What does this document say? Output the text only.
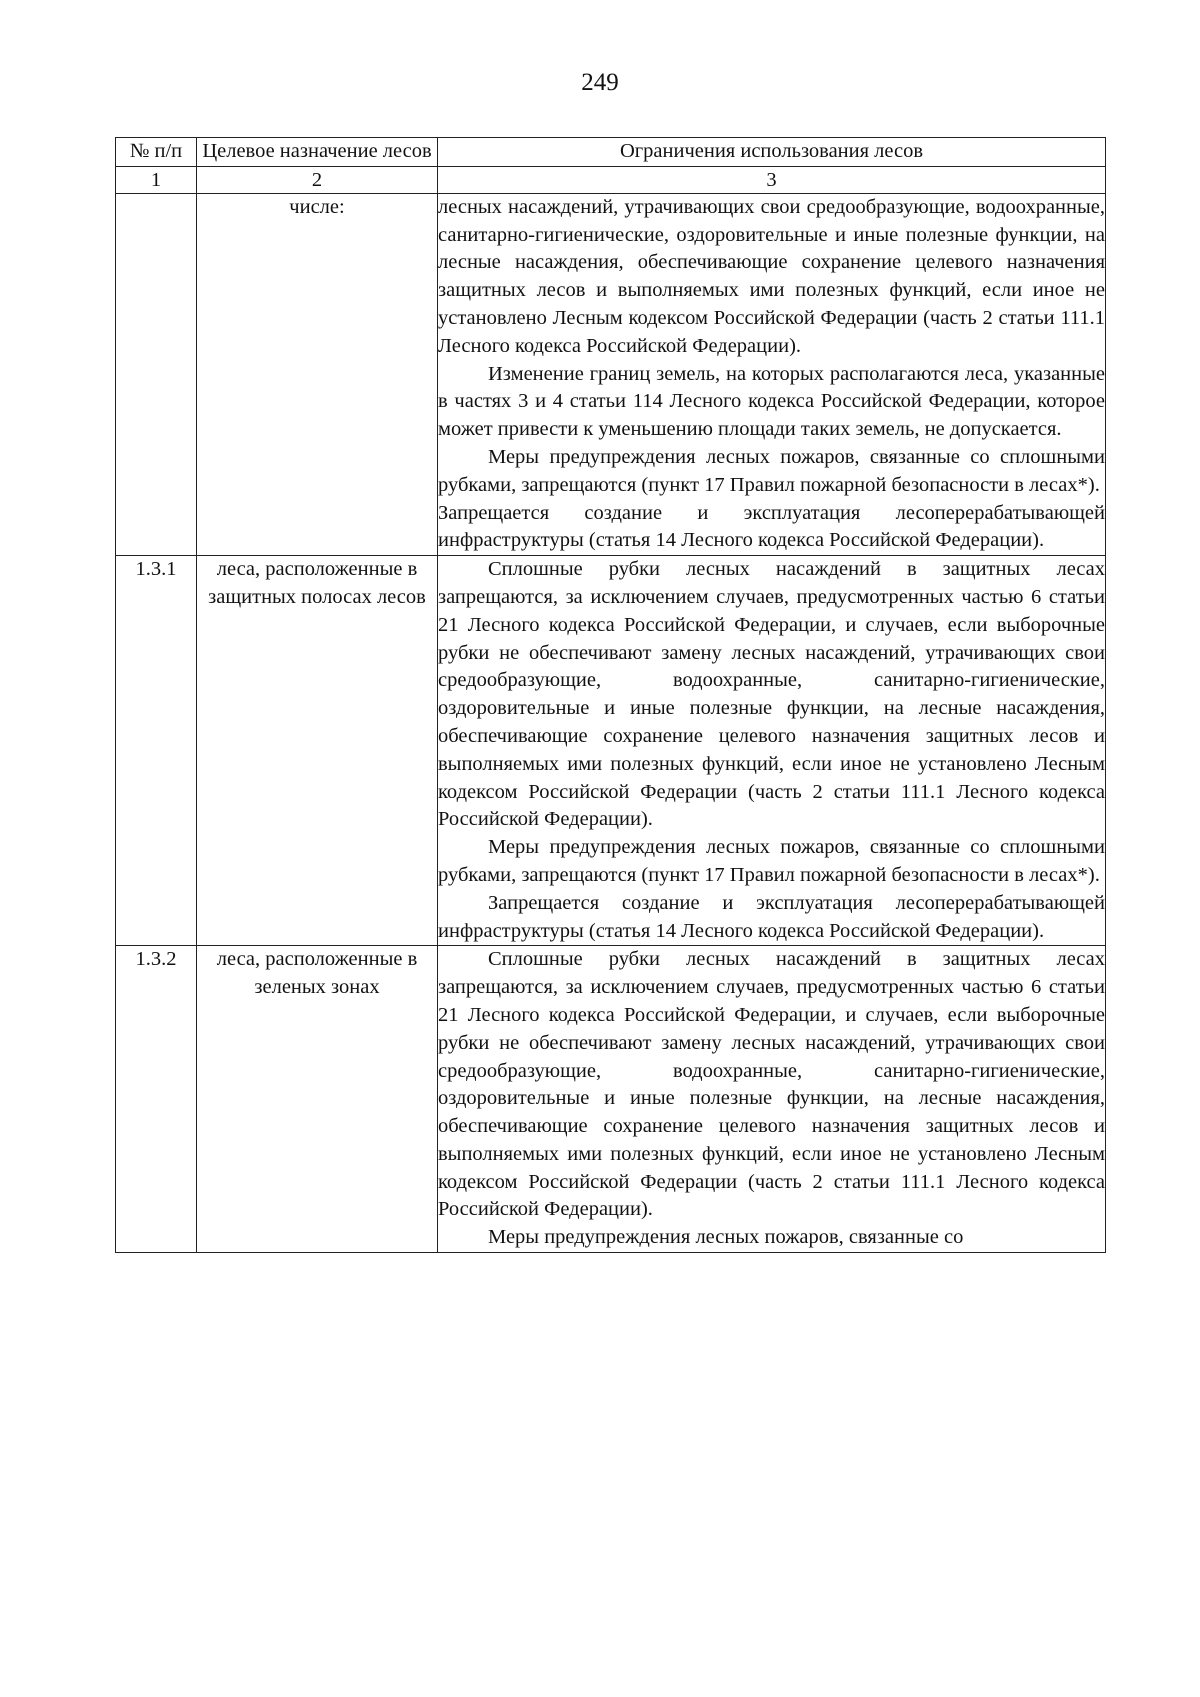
249
№ п/п	Целевое назначение лесов	Ограничения использования лесов
1	2	3
	числе:	лесных насаждений, утрачивающих свои средообразующие, водоохранные, санитарно-гигиенические, оздоровительные и иные полезные функции, на лесные насаждения, обеспечивающие сохранение целевого назначения защитных лесов и выполняемых ими полезных функций, если иное не установлено Лесным кодексом Российской Федерации (часть 2 статьи 111.1 Лесного кодекса Российской Федерации).

Изменение границ земель, на которых располагаются леса, указанные в частях 3 и 4 статьи 114 Лесного кодекса Российской Федерации, которое может привести к уменьшению площади таких земель, не допускается.

Меры предупреждения лесных пожаров, связанные со сплошными рубками, запрещаются (пункт 17 Правил пожарной безопасности в лесах*).

Запрещается создание и эксплуатация лесоперерабатывающей инфраструктуры (статья 14 Лесного кодекса Российской Федерации).

1.3.1	леса, расположенные в защитных полосах лесов	Сплошные рубки лесных насаждений в защитных лесах запрещаются, за исключением случаев, предусмотренных частью 6 статьи 21 Лесного кодекса Российской Федерации, и случаев, если выборочные рубки не обеспечивают замену лесных насаждений, утрачивающих свои средообразующие, водоохранные, санитарно-гигиенические, оздоровительные и иные полезные функции, на лесные насаждения, обеспечивающие сохранение целевого назначения защитных лесов и выполняемых ими полезных функций, если иное не установлено Лесным кодексом Российской Федерации (часть 2 статьи 111.1 Лесного кодекса Российской Федерации).

Меры предупреждения лесных пожаров, связанные со сплошными рубками, запрещаются (пункт 17 Правил пожарной безопасности в лесах*).

Запрещается создание и эксплуатация лесоперерабатывающей инфраструктуры (статья 14 Лесного кодекса Российской Федерации).

1.3.2	леса, расположенные в зеленых зонах	Сплошные рубки лесных насаждений в защитных лесах запрещаются, за исключением случаев, предусмотренных частью 6 статьи 21 Лесного кодекса Российской Федерации, и случаев, если выборочные рубки не обеспечивают замену лесных насаждений, утрачивающих свои средообразующие, водоохранные, санитарно-гигиенические, оздоровительные и иные полезные функции, на лесные насаждения, обеспечивающие сохранение целевого назначения защитных лесов и выполняемых ими полезных функций, если иное не установлено Лесным кодексом Российской Федерации (часть 2 статьи 111.1 Лесного кодекса Российской Федерации).

Меры предупреждения лесных пожаров, связанные со
